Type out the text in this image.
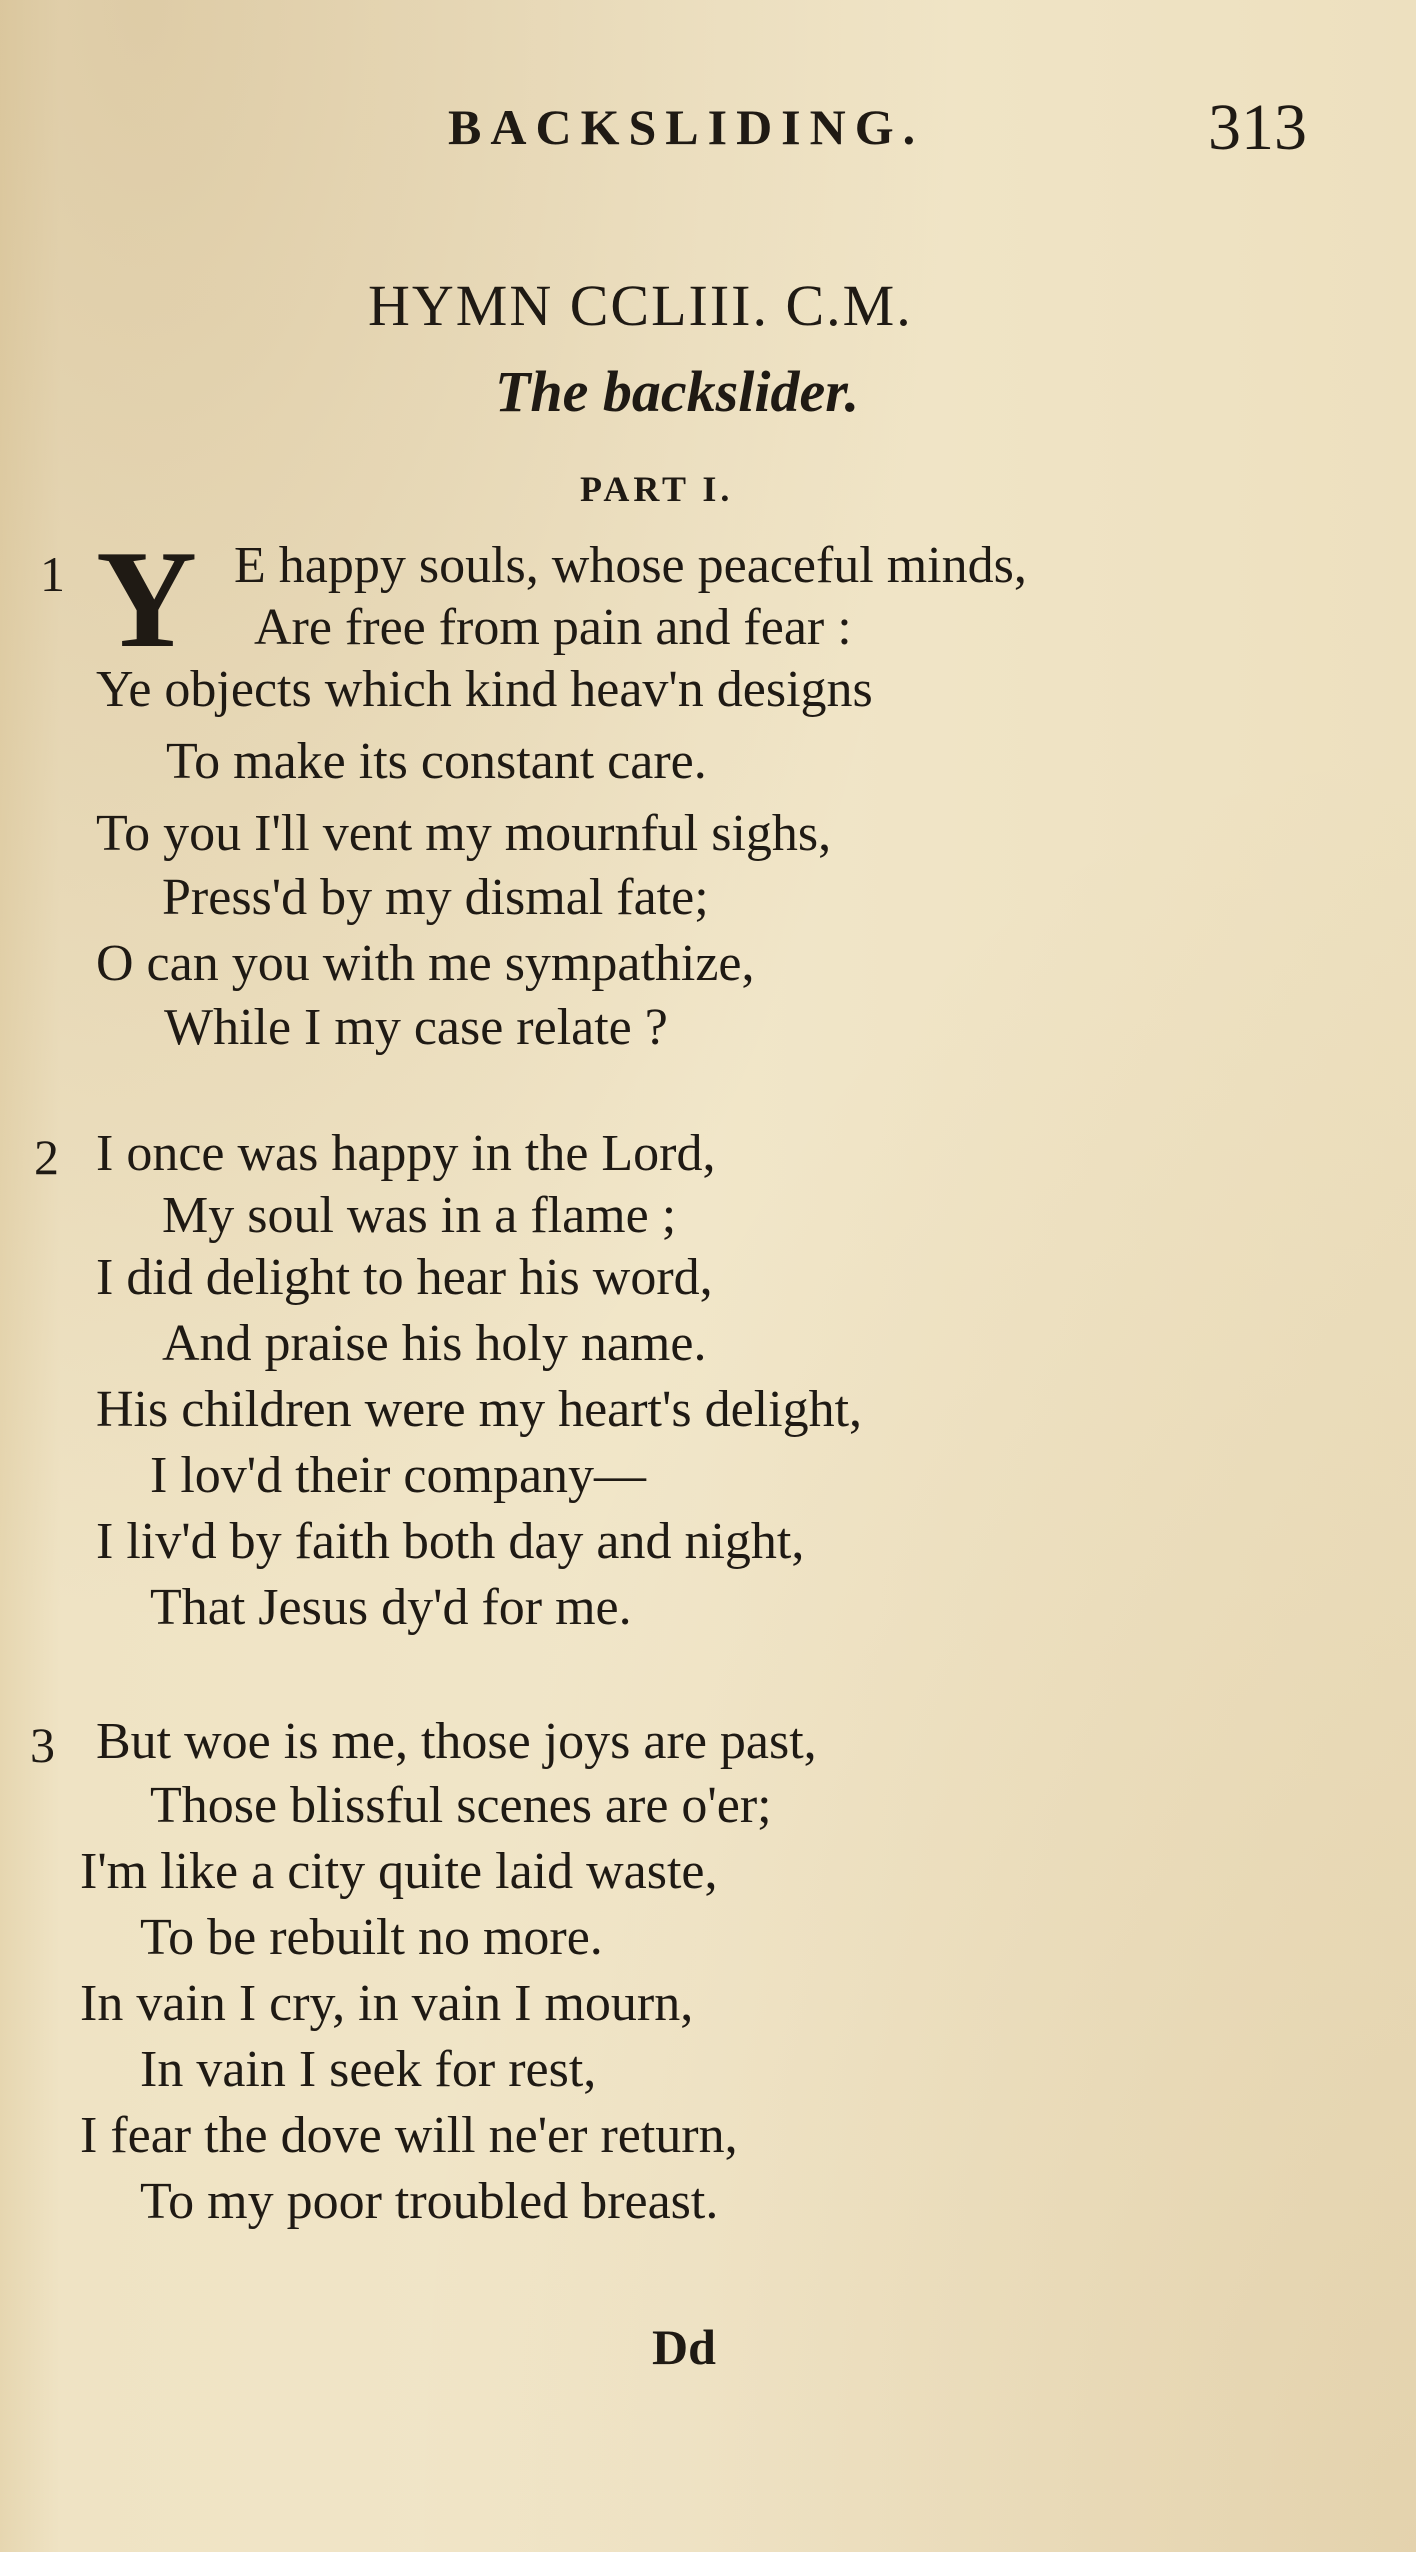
BACKSLIDING.	313
HYMN CCLIII. C.M.
The backslider.
PART I.
1 Y E happy souls, whose peaceful minds,
Are free from pain and fear :
Ye objects which kind heav'n designs
To make its constant care.
To you I'll vent my mournful sighs,
Press'd by my dismal fate;
O can you with me sympathize,
While I my case relate ?
2 I once was happy in the Lord,
My soul was in a flame ;
I did delight to hear his word,
And praise his holy name.
His children were my heart's delight,
I lov'd their company—
I liv'd by faith both day and night,
That Jesus dy'd for me.
3 But woe is me, those joys are past,
Those blissful scenes are o'er;
I'm like a city quite laid waste,
To be rebuilt no more.
In vain I cry, in vain I mourn,
In vain I seek for rest,
I fear the dove will ne'er return,
To my poor troubled breast.
Dd
